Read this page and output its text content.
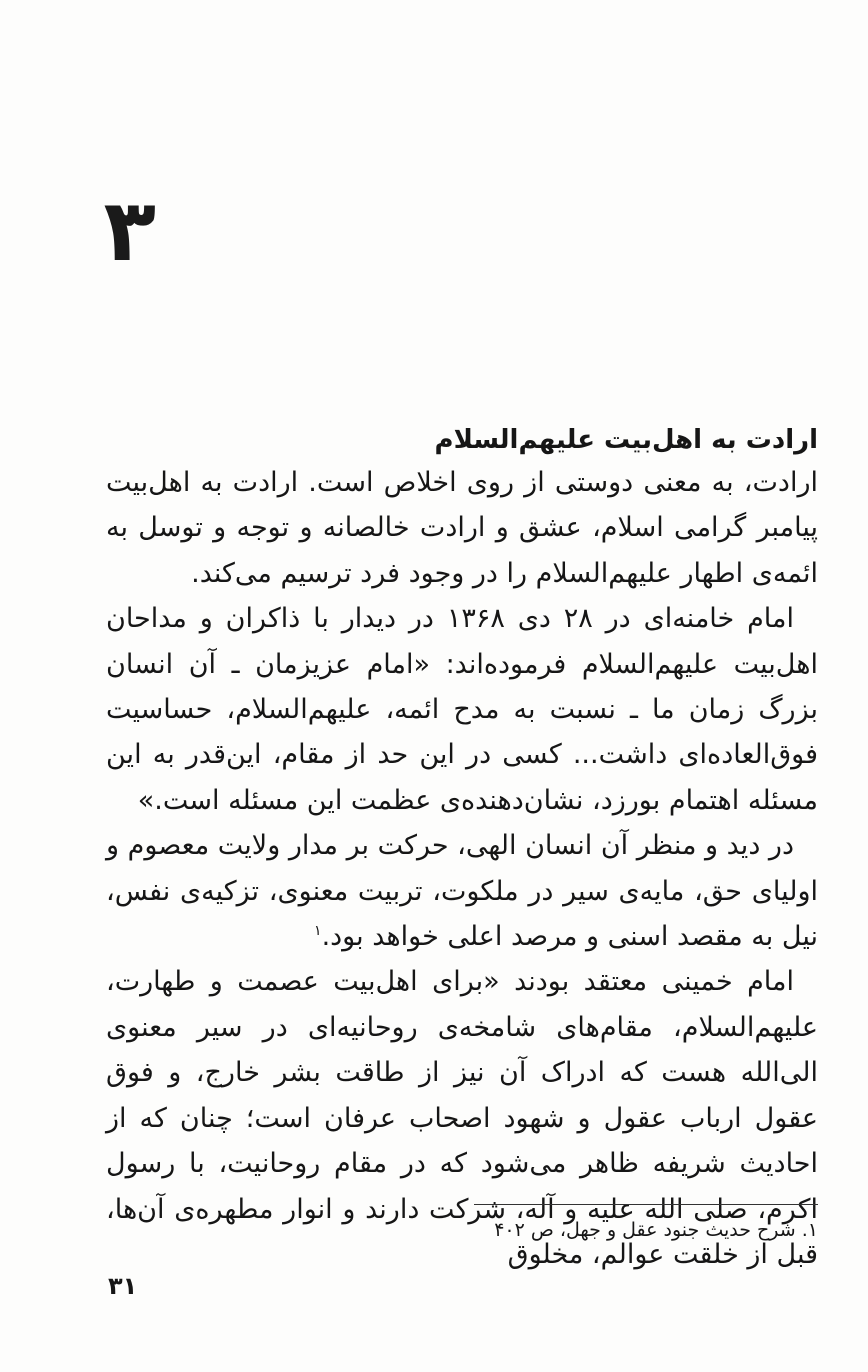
۳
ارادت به اهل‌بیت علیهم‌السلام

ارادت، به معنی دوستی از روی اخلاص است. ارادت به اهل‌بیت پیامبر گرامی اسلام، عشق و ارادت خالصانه و توجه و توسل به ائمه‌ی اطهار علیهم‌السلام را در وجود فرد ترسیم می‌کند.

امام خامنه‌ای در ۲۸ دی ۱۳۶۸ در دیدار با ذاکران و مداحان اهل‌بیت علیهم‌السلام فرموده‌اند: «امام عزیزمان ـ آن انسان بزرگ زمان ما ـ نسبت به مدح ائمه، علیهم‌السلام، حساسیت فوق‌العاده‌ای داشت... کسی در این حد از مقام، این‌قدر به این مسئله اهتمام بورزد، نشان‌دهنده‌ی عظمت این مسئله است.»

در دید و منظر آن انسان الهی، حرکت بر مدار ولایت معصوم و اولیای حق، مایه‌ی سیر در ملکوت، تربیت معنوی، تزکیه‌ی نفس، نیل به مقصد اسنی و مرصد اعلی خواهد بود.$^۱$

امام خمینی معتقد بودند «برای اهل‌بیت عصمت و طهارت، علیهم‌السلام، مقام‌های شامخه‌ی روحانیه‌ای در سیر معنوی الی‌الله هست که ادراک آن نیز از طاقت بشر خارج، و فوق عقول ارباب عقول و شهود اصحاب عرفان است؛ چنان که از احادیث شریفه ظاهر می‌شود که در مقام روحانیت، با رسول اکرم، صلی الله علیه و آله، شرکت دارند و انوار مطهره‌ی آن‌ها، قبل از خلقت عوالم، مخلوق

۱. شرح حدیث جنود عقل و جهل، ص ۴۰۲
۳۱
